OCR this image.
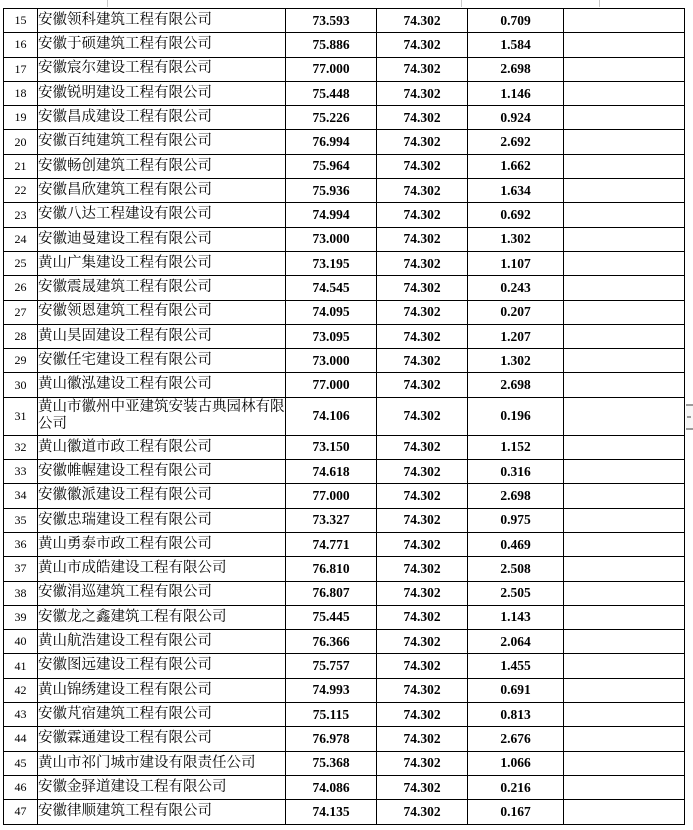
15	安徽领科建筑工程有限公司	73.593	74.302	0.709	
16	安徽于硕建筑工程有限公司	75.886	74.302	1.584	
17	安徽宸尔建设工程有限公司	77.000	74.302	2.698	
18	安徽锐明建设工程有限公司	75.448	74.302	1.146	
19	安徽昌成建设工程有限公司	75.226	74.302	0.924	
20	安徽百纯建筑工程有限公司	76.994	74.302	2.692	
21	安徽畅创建筑工程有限公司	75.964	74.302	1.662	
22	安徽昌欣建筑工程有限公司	75.936	74.302	1.634	
23	安徽八达工程建设有限公司	74.994	74.302	0.692	
24	安徽迪曼建设工程有限公司	73.000	74.302	1.302	
25	黄山广集建设工程有限公司	73.195	74.302	1.107	
26	安徽震晟建筑工程有限公司	74.545	74.302	0.243	
27	安徽领恩建筑工程有限公司	74.095	74.302	0.207	
28	黄山昊固建设工程有限公司	73.095	74.302	1.207	
29	安徽任宅建设工程有限公司	73.000	74.302	1.302	
30	黄山徽泓建设工程有限公司	77.000	74.302	2.698	
31	黄山市徽州中亚建筑安装古典园林有限公司	74.106	74.302	0.196	
32	黄山徽道市政工程有限公司	73.150	74.302	1.152	
33	安徽帷幄建设工程有限公司	74.618	74.302	0.316	
34	安徽徽派建设工程有限公司	77.000	74.302	2.698	
35	安徽忠瑞建设工程有限公司	73.327	74.302	0.975	
36	黄山勇泰市政工程有限公司	74.771	74.302	0.469	
37	黄山市成皓建设工程有限公司	76.810	74.302	2.508	
38	安徽涓巡建筑工程有限公司	76.807	74.302	2.505	
39	安徽龙之鑫建筑工程有限公司	75.445	74.302	1.143	
40	黄山航浩建设工程有限公司	76.366	74.302	2.064	
41	安徽图远建设工程有限公司	75.757	74.302	1.455	
42	黄山锦绣建设工程有限公司	74.993	74.302	0.691	
43	安徽芃宿建筑工程有限公司	75.115	74.302	0.813	
44	安徽霖通建设工程有限公司	76.978	74.302	2.676	
45	黄山市祁门城市建设有限责任公司	75.368	74.302	1.066	
46	安徽金驿道建设工程有限公司	74.086	74.302	0.216	
47	安徽律顺建筑工程有限公司	74.135	74.302	0.167	
